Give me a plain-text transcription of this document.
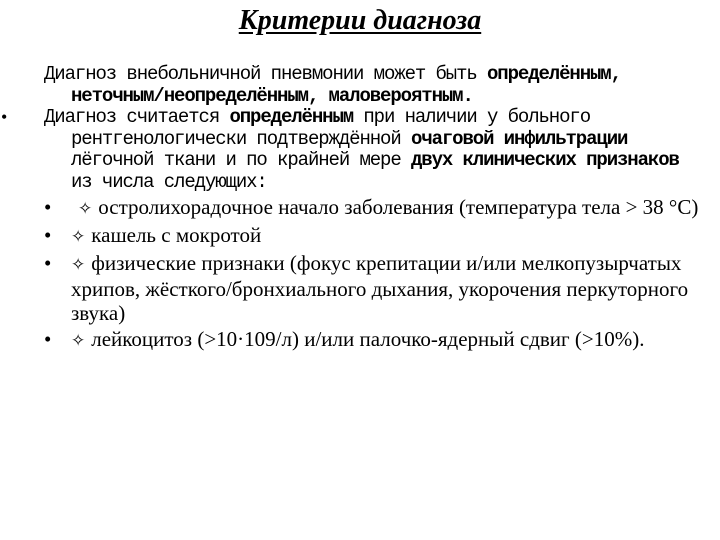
Критерии диагноза

Диагноз внебольничной пневмонии может быть определённым, неточным/неопределённым, маловероятным.

•	Диагноз считается определённым при наличии у больного рентгенологически подтверждённой очаговой инфильтрации лёгочной ткани и по крайней мере двух клинических признаков из числа следующих:

• ✧ остролихорадочное начало заболевания (температура тела > 38 °С)

• ✧ кашель с мокротой

• ✧ физические признаки (фокус крепитации и/или мелкопузырчатых хрипов, жёсткого/бронхиального дыхания, укорочения перкуторного звука)

• ✧ лейкоцитоз (>10·109/л) и/или палочко-ядерный сдвиг (>10%).
